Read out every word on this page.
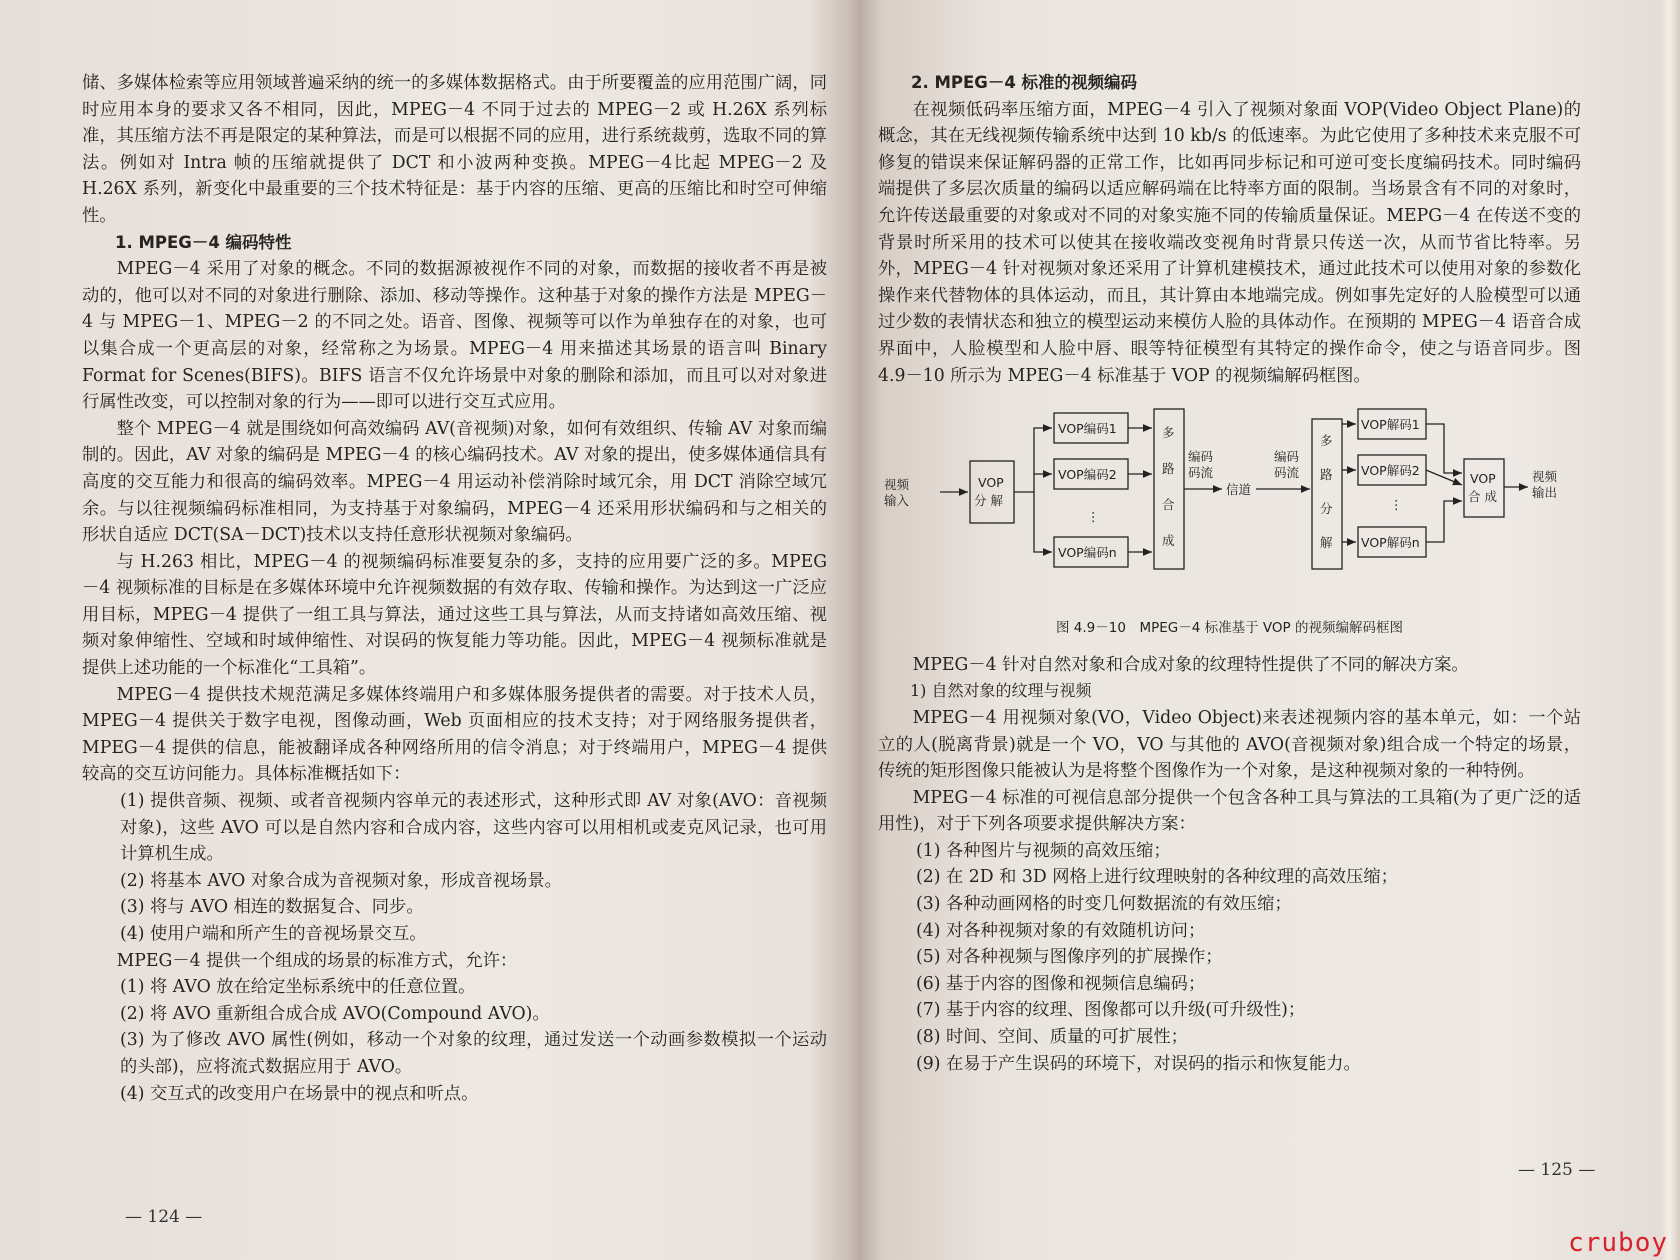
储、多媒体检索等应用领域普遍采纳的统一的多媒体数据格式。由于所要覆盖的应用范围广阔，同时应用本身的要求又各不相同，因此，MPEG－4 不同于过去的 MPEG－2 或 H.26X 系列标准，其压缩方法不再是限定的某种算法，而是可以根据不同的应用，进行系统裁剪，选取不同的算法。例如对 Intra 帧的压缩就提供了 DCT 和小波两种变换。MPEG－4比起 MPEG－2 及 H.26X 系列，新变化中最重要的三个技术特征是：基于内容的压缩、更高的压缩比和时空可伸缩性。

1. MPEG－4 编码特性

MPEG－4 采用了对象的概念。不同的数据源被视作不同的对象，而数据的接收者不再是被动的，他可以对不同的对象进行删除、添加、移动等操作。这种基于对象的操作方法是 MPEG－4 与 MPEG－1、MPEG－2 的不同之处。语音、图像、视频等可以作为单独存在的对象，也可以集合成一个更高层的对象，经常称之为场景。MPEG－4 用来描述其场景的语言叫 Binary Format for Scenes(BIFS)。BIFS 语言不仅允许场景中对象的删除和添加，而且可以对对象进行属性改变，可以控制对象的行为——即可以进行交互式应用。

整个 MPEG－4 就是围绕如何高效编码 AV(音视频)对象，如何有效组织、传输 AV 对象而编制的。因此，AV 对象的编码是 MPEG－4 的核心编码技术。AV 对象的提出，使多媒体通信具有高度的交互能力和很高的编码效率。MPEG－4 用运动补偿消除时域冗余，用 DCT 消除空域冗余。与以往视频编码标准相同，为支持基于对象编码，MPEG－4 还采用形状编码和与之相关的形状自适应 DCT(SA－DCT)技术以支持任意形状视频对象编码。

与 H.263 相比，MPEG－4 的视频编码标准要复杂的多，支持的应用要广泛的多。MPEG－4 视频标准的目标是在多媒体环境中允许视频数据的有效存取、传输和操作。为达到这一广泛应用目标，MPEG－4 提供了一组工具与算法，通过这些工具与算法，从而支持诸如高效压缩、视频对象伸缩性、空域和时域伸缩性、对误码的恢复能力等功能。因此，MPEG－4 视频标准就是提供上述功能的一个标准化“工具箱”。

MPEG－4 提供技术规范满足多媒体终端用户和多媒体服务提供者的需要。对于技术人员，MPEG－4 提供关于数字电视，图像动画，Web 页面相应的技术支持；对于网络服务提供者，MPEG－4 提供的信息，能被翻译成各种网络所用的信令消息；对于终端用户，MPEG－4 提供较高的交互访问能力。具体标准概括如下：

(1) 提供音频、视频、或者音视频内容单元的表述形式，这种形式即 AV 对象(AVO：音视频对象)，这些 AVO 可以是自然内容和合成内容，这些内容可以用相机或麦克风记录，也可用计算机生成。

(2) 将基本 AVO 对象合成为音视频对象，形成音视场景。

(3) 将与 AVO 相连的数据复合、同步。

(4) 使用户端和所产生的音视场景交互。

MPEG－4 提供一个组成的场景的标准方式，允许：

(1) 将 AVO 放在给定坐标系统中的任意位置。

(2) 将 AVO 重新组合成合成 AVO(Compound AVO)。

(3) 为了修改 AVO 属性(例如，移动一个对象的纹理，通过发送一个动画参数模拟一个运动的头部)，应将流式数据应用于 AVO。

(4) 交互式的改变用户在场景中的视点和听点。

— 124 —

2. MPEG－4 标准的视频编码

在视频低码率压缩方面，MPEG－4 引入了视频对象面 VOP(Video Object Plane)的概念，其在无线视频传输系统中达到 10 kb/s 的低速率。为此它使用了多种技术来克服不可修复的错误来保证解码器的正常工作，比如再同步标记和可逆可变长度编码技术。同时编码端提供了多层次质量的编码以适应解码端在比特率方面的限制。当场景含有不同的对象时，允许传送最重要的对象或对不同的对象实施不同的传输质量保证。MEPG－4 在传送不变的背景时所采用的技术可以使其在接收端改变视角时背景只传送一次，从而节省比特率。另外，MPEG－4 针对视频对象还采用了计算机建模技术，通过此技术可以使用对象的参数化操作来代替物体的具体运动，而且，其计算由本地端完成。例如事先定好的人脸模型可以通过少数的表情状态和独立的模型运动来模仿人脸的具体动作。在预期的 MPEG－4 语音合成界面中，人脸模型和人脸中唇、眼等特征模型有其特定的操作命令，使之与语音同步。图 4.9－10 所示为 MPEG－4 标准基于 VOP 的视频编解码框图。

视频
输入
VOP
分 解
VOP编码1
VOP编码2
⋮
VOP编码n
多
路
合
成
编码
码流
信道
编码
码流
多
路
分
解
VOP解码1
VOP解码2
⋮
VOP解码n
VOP
合 成
视频
输出

图 4.9－10　MPEG－4 标准基于 VOP 的视频编解码框图

MPEG－4 针对自然对象和合成对象的纹理特性提供了不同的解决方案。

1) 自然对象的纹理与视频

MPEG－4 用视频对象(VO，Video Object)来表述视频内容的基本单元，如：一个站立的人(脱离背景)就是一个 VO，VO 与其他的 AVO(音视频对象)组合成一个特定的场景，传统的矩形图像只能被认为是将整个图像作为一个对象，是这种视频对象的一种特例。

MPEG－4 标准的可视信息部分提供一个包含各种工具与算法的工具箱(为了更广泛的适用性)，对于下列各项要求提供解决方案：

(1) 各种图片与视频的高效压缩；

(2) 在 2D 和 3D 网格上进行纹理映射的各种纹理的高效压缩；

(3) 各种动画网格的时变几何数据流的有效压缩；

(4) 对各种视频对象的有效随机访问；

(5) 对各种视频与图像序列的扩展操作；

(6) 基于内容的图像和视频信息编码；

(7) 基于内容的纹理、图像都可以升级(可升级性)；

(8) 时间、空间、质量的可扩展性；

(9) 在易于产生误码的环境下，对误码的指示和恢复能力。

— 125 —
cruboy
